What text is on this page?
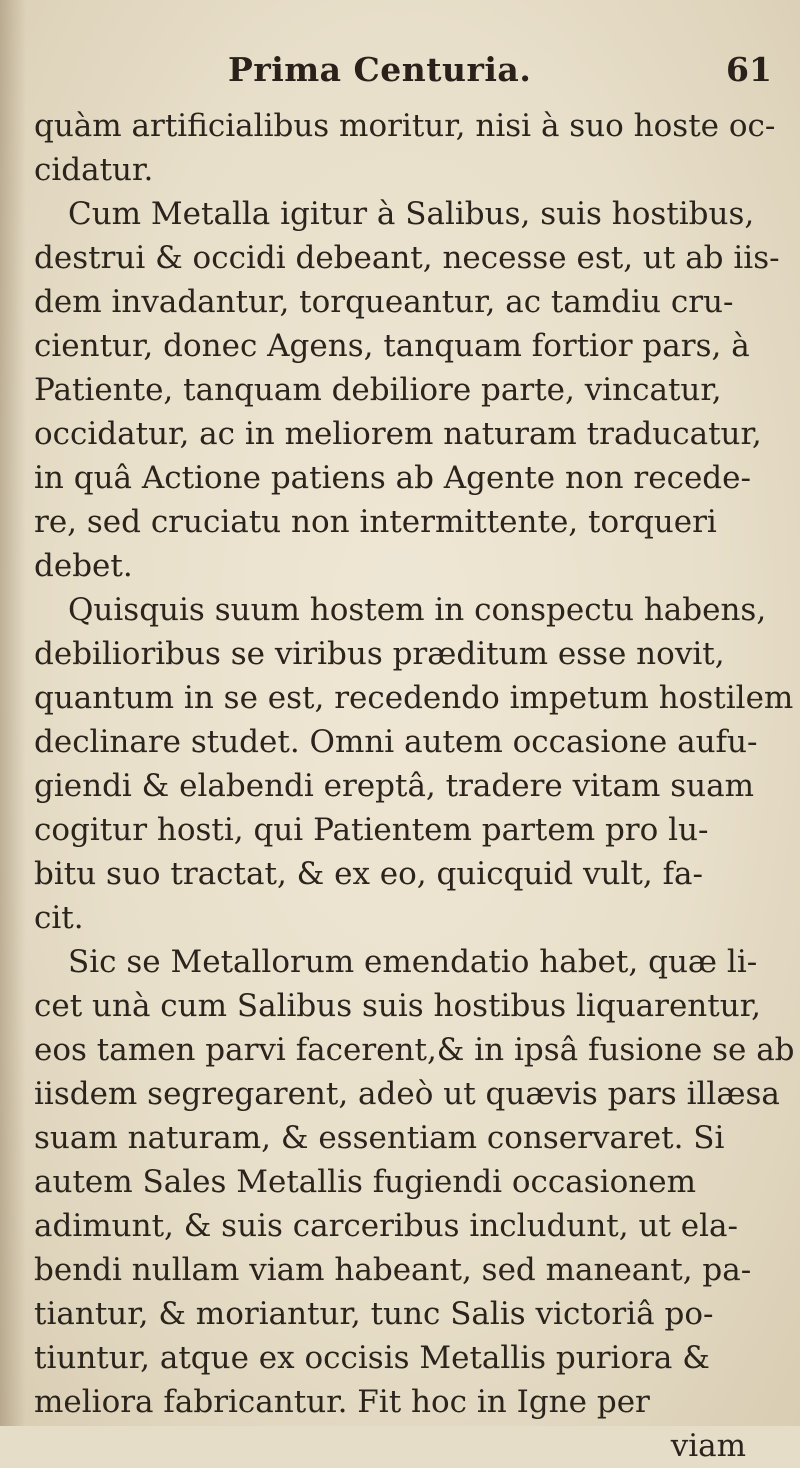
Prima Centuria.	61
quàm artificialibus moritur, nisi à suo hoste oc-
cidatur.
Cum Metalla igitur à Salibus, suis hostibus,
destrui & occidi debeant, necesse est, ut ab iis-
dem invadantur, torqueantur, ac tamdiu cru-
cientur, donec Agens, tanquam fortior pars, à
Patiente, tanquam debiliore parte, vincatur,
occidatur, ac in meliorem naturam traducatur,
in quâ Actione patiens ab Agente non recede-
re, sed cruciatu non intermittente, torqueri
debet.
Quisquis suum hostem in conspectu habens,
debilioribus se viribus præditum esse novit,
quantum in se est, recedendo impetum hostilem
declinare studet. Omni autem occasione aufu-
giendi & elabendi ereptâ, tradere vitam suam
cogitur hosti, qui Patientem partem pro lu-
bitu suo tractat, & ex eo, quicquid vult, fa-
cit.
Sic se Metallorum emendatio habet, quæ li-
cet unà cum Salibus suis hostibus liquarentur,
eos tamen parvi facerent,& in ipsâ fusione se ab
iisdem segregarent, adeò ut quævis pars illæsa
suam naturam, & essentiam conservaret. Si
autem Sales Metallis fugiendi occasionem
adimunt, & suis carceribus includunt, ut ela-
bendi nullam viam habeant, sed maneant, pa-
tiantur, & moriantur, tunc Salis victoriâ po-
tiuntur, atque ex occisis Metallis puriora &
meliora fabricantur. Fit hoc in Igne per
viam
